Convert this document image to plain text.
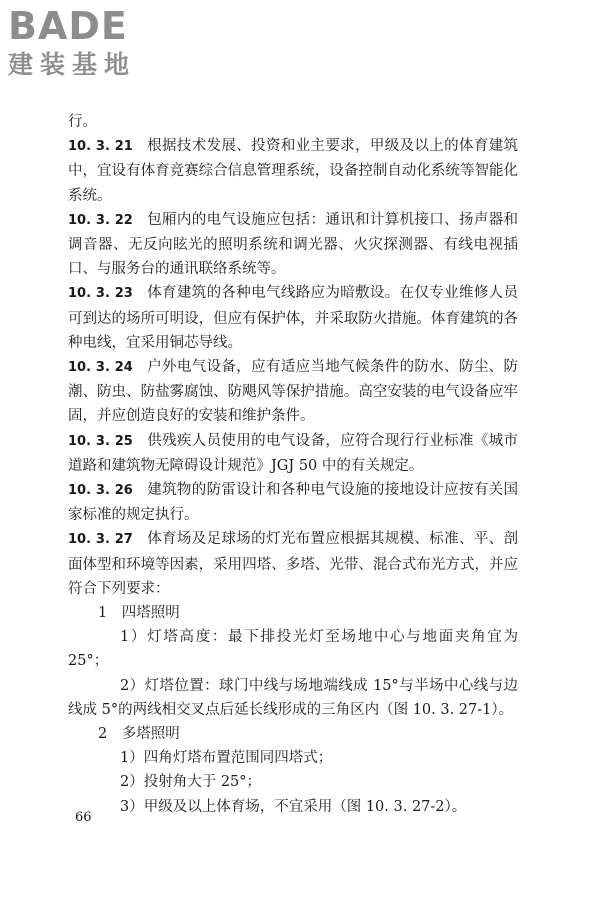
BADE
建装基地

行。

10. 3. 21 根据技术发展、投资和业主要求，甲级及以上的体育建筑中，宜设有体育竞赛综合信息管理系统，设备控制自动化系统等智能化系统。

10. 3. 22 包厢内的电气设施应包括：通讯和计算机接口、扬声器和调音器、无反向眩光的照明系统和调光器、火灾探测器、有线电视插口、与服务台的通讯联络系统等。

10. 3. 23 体育建筑的各种电气线路应为暗敷设。在仅专业维修人员可到达的场所可明设，但应有保护体，并采取防火措施。体育建筑的各种电线，宜采用铜芯导线。

10. 3. 24 户外电气设备，应有适应当地气候条件的防水、防尘、防潮、防虫、防盐雾腐蚀、防飓风等保护措施。高空安装的电气设备应牢固，并应创造良好的安装和维护条件。

10. 3. 25 供残疾人员使用的电气设备，应符合现行行业标准《城市道路和建筑物无障碍设计规范》JGJ 50 中的有关规定。

10. 3. 26 建筑物的防雷设计和各种电气设施的接地设计应按有关国家标准的规定执行。

10. 3. 27 体育场及足球场的灯光布置应根据其规模、标准、平、剖面体型和环境等因素，采用四塔、多塔、光带、混合式布光方式，并应符合下列要求：

1　四塔照明

1）灯塔高度：最下排投光灯至场地中心与地面夹角宜为 25°；

2）灯塔位置：球门中线与场地端线成 15°与半场中心线与边线成 5°的两线相交叉点后延长线形成的三角区内（图 10. 3. 27-1）。

2　多塔照明

1）四角灯塔布置范围同四塔式；

2）投射角大于 25°；

3）甲级及以上体育场，不宜采用（图 10. 3. 27-2）。

66
